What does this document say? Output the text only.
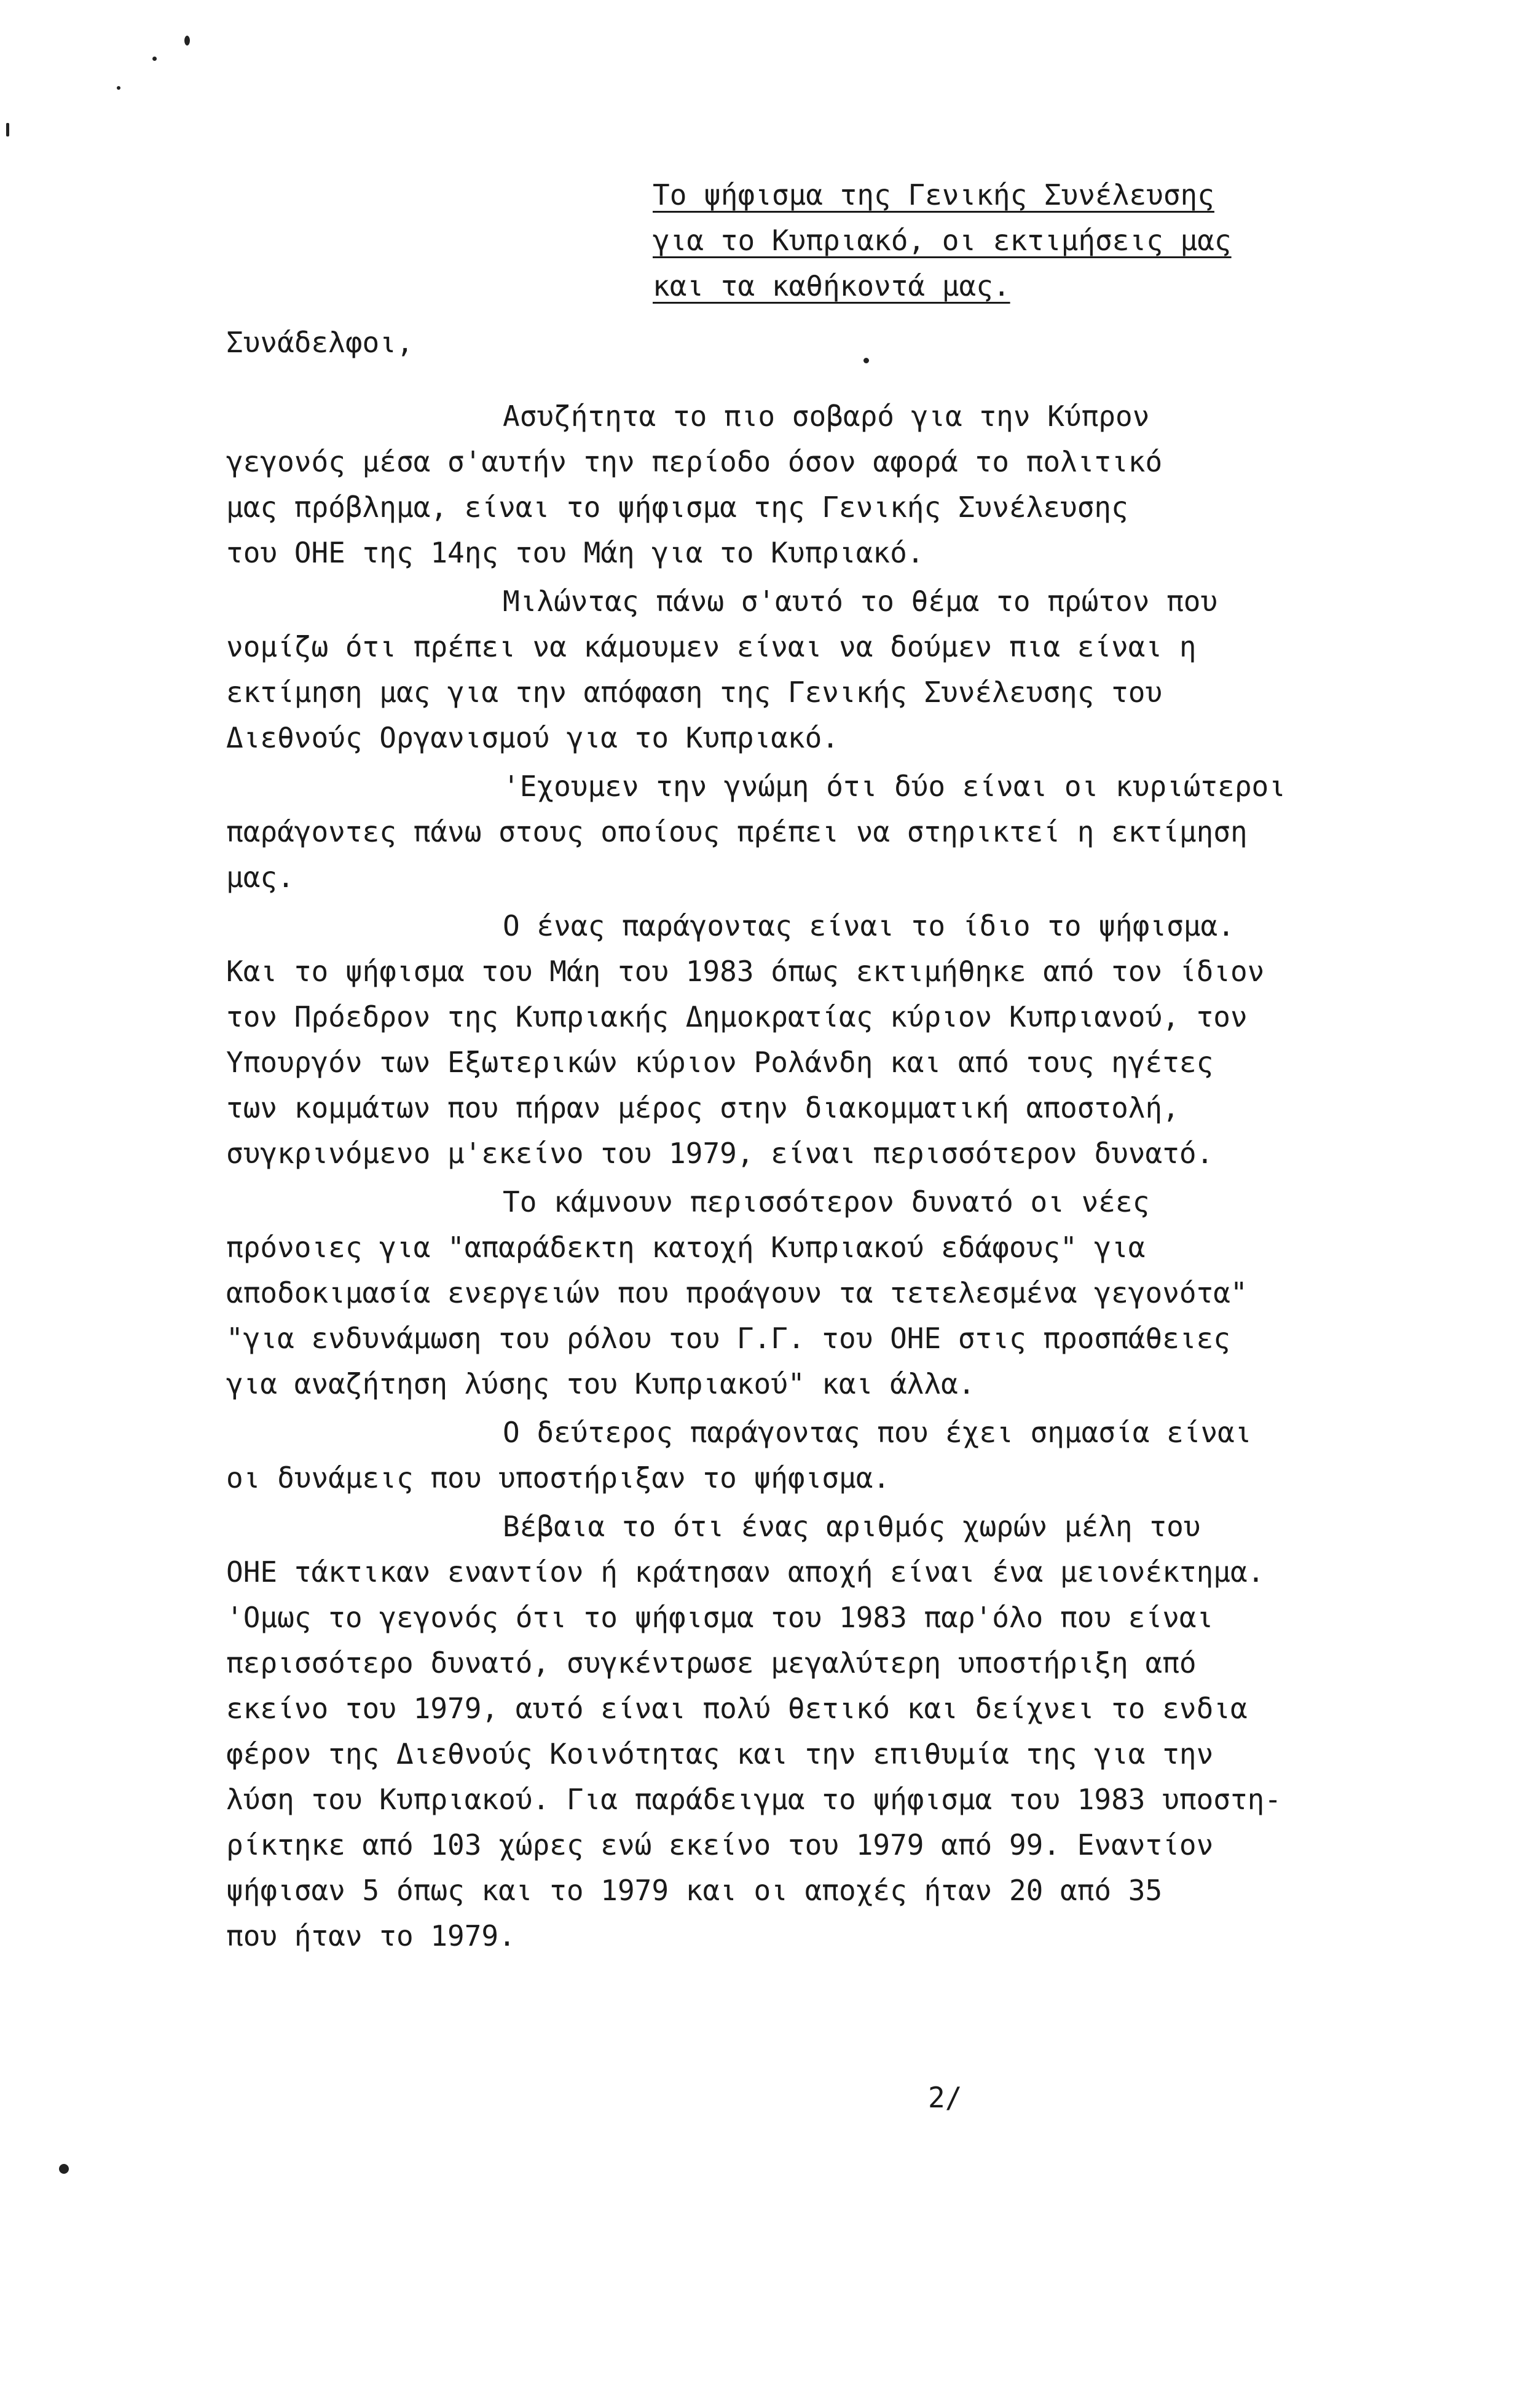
Το ψήφισμα της Γενικής Συνέλευσης
για το Κυπριακό, οι εκτιμήσεις μας
και τα καθήκοντά μας.
Συνάδελφοι,
Ασυζήτητα το πιο σοβαρό για την Κύπρον
γεγονός μέσα σ'αυτήν την περίοδο όσον αφορά το πολιτικό
μας πρόβλημα, είναι το ψήφισμα της Γενικής Συνέλευσης
του ΟΗΕ της 14ης του Μάη για το Κυπριακό.
Μιλώντας πάνω σ'αυτό το θέμα το πρώτον που
νομίζω ότι πρέπει να κάμουμεν είναι να δούμεν πια είναι η
εκτίμηση μας για την απόφαση της Γενικής Συνέλευσης του
Διεθνούς Οργανισμού για το Κυπριακό.
'Εχουμεν την γνώμη ότι δύο είναι οι κυριώτεροι
παράγοντες πάνω στους οποίους πρέπει να στηρικτεί η εκτίμηση
μας.
Ο ένας παράγοντας είναι το ίδιο το ψήφισμα.
Και το ψήφισμα του Μάη του 1983 όπως εκτιμήθηκε από τον ίδιον
τον Πρόεδρον της Κυπριακής Δημοκρατίας κύριον Κυπριανού, τον
Υπουργόν των Εξωτερικών κύριον Ρολάνδη και από τους ηγέτες
των κομμάτων που πήραν μέρος στην διακομματική αποστολή,
συγκρινόμενο μ'εκείνο του 1979, είναι περισσότερον δυνατό.
Το κάμνουν περισσότερον δυνατό οι νέες
πρόνοιες για "απαράδεκτη κατοχή Κυπριακού εδάφους" για
αποδοκιμασία ενεργειών που προάγουν τα τετελεσμένα γεγονότα"
"για ενδυνάμωση του ρόλου του Γ.Γ. του ΟΗΕ στις προσπάθειες
για αναζήτηση λύσης του Κυπριακού" και άλλα.
Ο δεύτερος παράγοντας που έχει σημασία είναι
οι δυνάμεις που υποστήριξαν το ψήφισμα.
Βέβαια το ότι ένας αριθμός χωρών μέλη του
ΟΗΕ τάκτικαν εναντίον ή κράτησαν αποχή είναι ένα μειονέκτημα.
'Ομως το γεγονός ότι το ψήφισμα του 1983 παρ'όλο που είναι
περισσότερο δυνατό, συγκέντρωσε μεγαλύτερη υποστήριξη από
εκείνο του 1979, αυτό είναι πολύ θετικό και δείχνει το ενδια
φέρον της Διεθνούς Κοινότητας και την επιθυμία της για την
λύση του Κυπριακού. Για παράδειγμα το ψήφισμα του 1983 υποστη-
ρίκτηκε από 103 χώρες ενώ εκείνο του 1979 από 99. Εναντίον
ψήφισαν 5 όπως και το 1979 και οι αποχές ήταν 20 από 35
που ήταν το 1979.
2/
